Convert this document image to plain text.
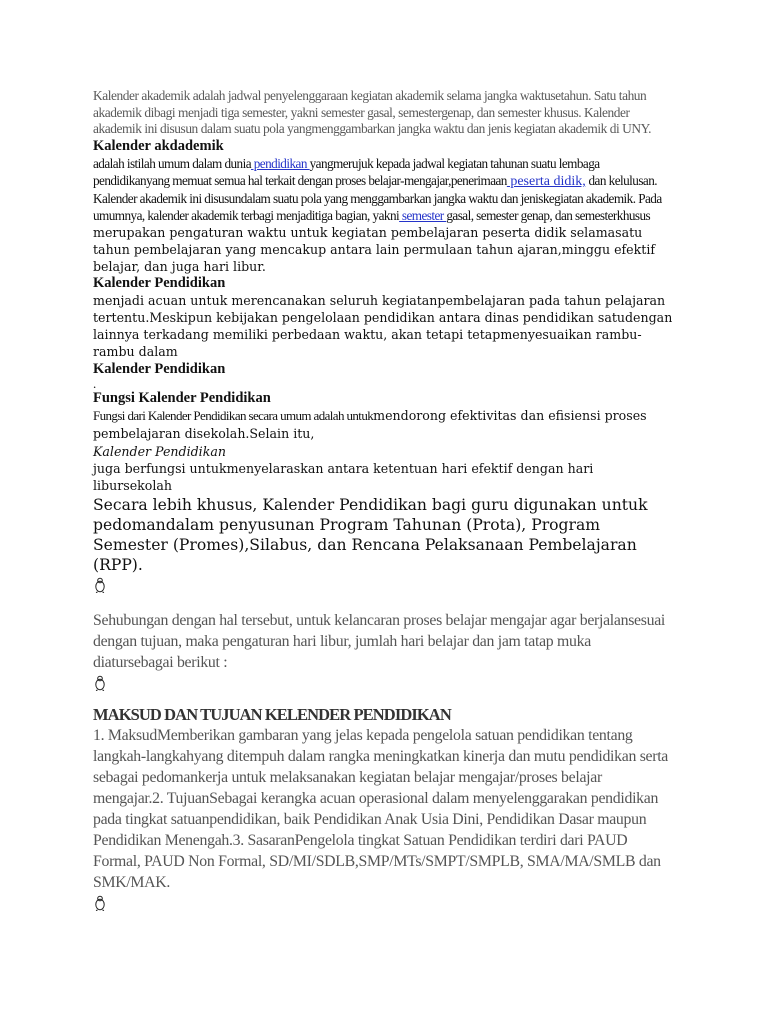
Kalender akademik adalah jadwal penyelenggaraan kegiatan akademik selama jangka waktusetahun. Satu tahun akademik dibagi menjadi tiga semester, yakni semester gasal, semestergenap, dan semester khusus. Kalender akademik ini disusun dalam suatu pola yangmenggambarkan jangka waktu dan jenis kegiatan akademik di UNY.
Kalender akdademik
adalah istilah umum dalam dunia pendidikan yangmerujuk kepada jadwal kegiatan tahunan suatu lembaga pendidikanyang memuat semua hal terkait dengan proses belajar-mengajar,penerimaan peserta didik, dan kelulusan. Kalender akademik ini disusundalam suatu pola yang menggambarkan jangka waktu dan jeniskegiatan akademik. Pada umumnya, kalender akademik terbagi menjaditiga bagian, yakni semester gasal, semester genap, dan semesterkhusus
merupakan pengaturan waktu untuk kegiatan pembelajaran peserta didik selamasatu tahun pembelajaran yang mencakup antara lain permulaan tahun ajaran,minggu efektif belajar, dan juga hari libur.
Kalender Pendidikan
menjadi acuan untuk merencanakan seluruh kegiatanpembelajaran pada tahun pelajaran tertentu.Meskipun kebijakan pengelolaan pendidikan antara dinas pendidikan satudengan lainnya terkadang memiliki perbedaan waktu, akan tetapi tetapmenyesuaikan rambu-rambu dalam
Kalender Pendidikan
.
Fungsi Kalender Pendidikan
Fungsi dari Kalender Pendidikan secara umum adalah untukmendorong efektivitas dan efisiensi proses pembelajaran disekolah.Selain itu,
Kalender Pendidikan
juga berfungsi untukmenyelaraskan antara ketentuan hari efektif dengan hari libursekolah
Secara lebih khusus, Kalender Pendidikan bagi guru digunakan untuk pedomandalam penyusunan Program Tahunan (Prota), Program Semester (Promes),Silabus, dan Rencana Pelaksanaan Pembelajaran (RPP).
Sehubungan dengan hal tersebut, untuk kelancaran proses belajar mengajar agar berjalansesuai dengan tujuan, maka pengaturan hari libur, jumlah hari belajar dan jam tatap muka diatursebagai berikut :
MAKSUD DAN TUJUAN KELENDER PENDIDIKAN
1. MaksudMemberikan gambaran yang jelas kepada pengelola satuan pendidikan tentang langkah-langkahyang ditempuh dalam rangka meningkatkan kinerja dan mutu pendidikan serta sebagai pedomankerja untuk melaksanakan kegiatan belajar mengajar/proses belajar mengajar.2. TujuanSebagai kerangka acuan operasional dalam menyelenggarakan pendidikan pada tingkat satuanpendidikan, baik Pendidikan Anak Usia Dini, Pendidikan Dasar maupun Pendidikan Menengah.3. SasaranPengelola tingkat Satuan Pendidikan terdiri dari PAUD Formal, PAUD Non Formal, SD/MI/SDLB,SMP/MTs/SMPT/SMPLB, SMA/MA/SMLB dan SMK/MAK.
